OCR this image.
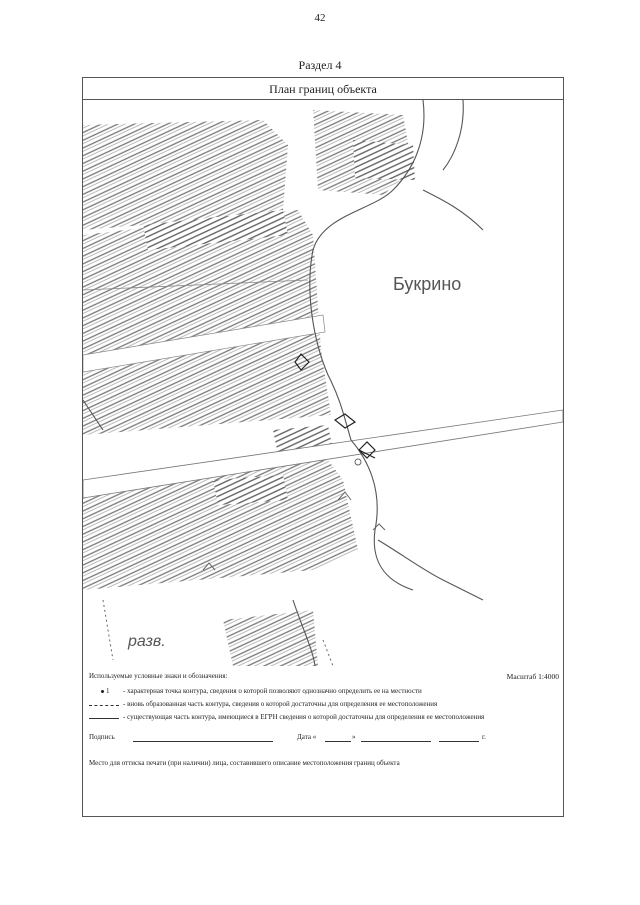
42
Раздел 4
План границ объекта
Букрино
разв.
Используемые условные знаки и обозначения:	Масштаб 1:4000
1 - характерная точка контура, сведения о которой позволяют однозначно определить ее на местности
- вновь образованная часть контура, сведения о которой достаточны для определения ее местоположения
- существующая часть контура, имеющиеся в ЕГРН сведения о которой достаточны для определения ее местоположения
Подпись	Дата «	»	г.
Место для оттиска печати (при наличии) лица, составившего описание местоположения границ объекта
